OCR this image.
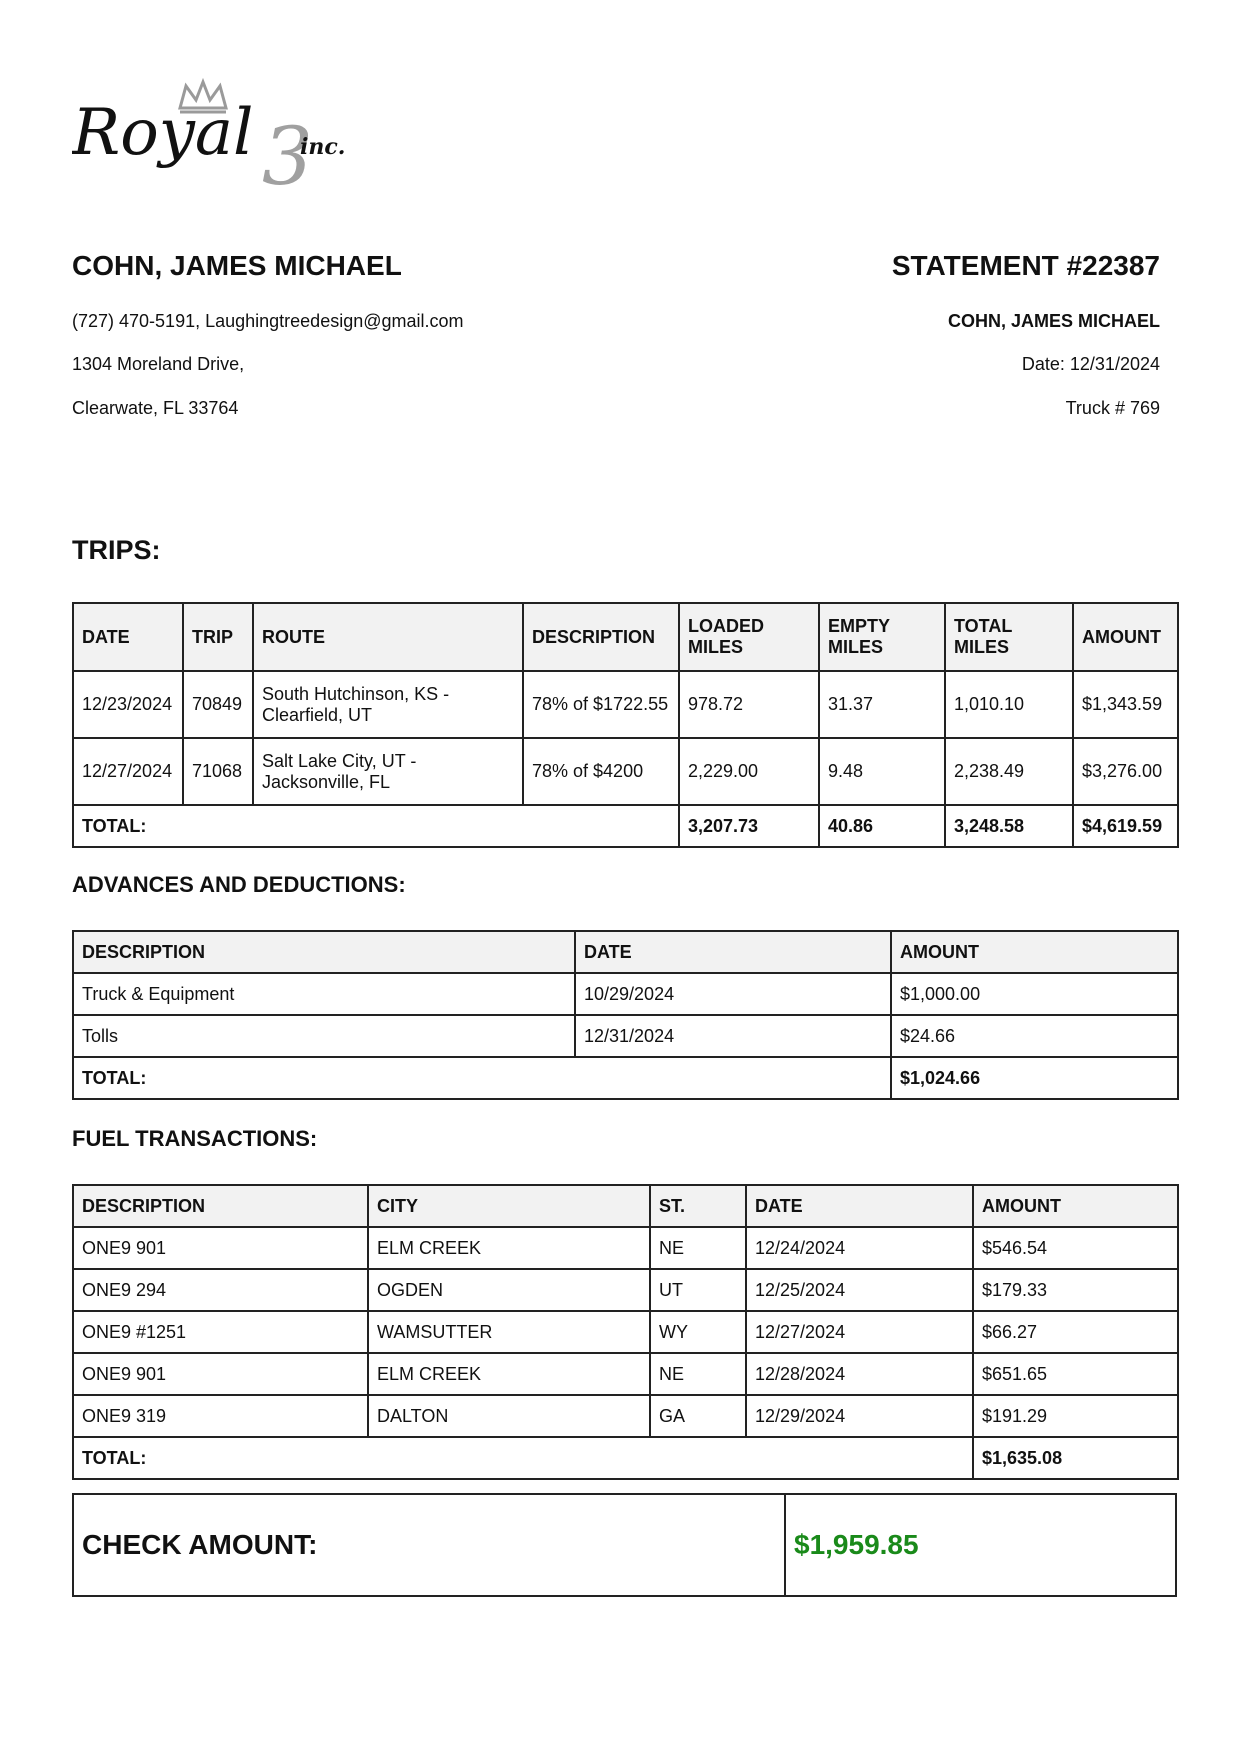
Royal 3
inc.
COHN, JAMES MICHAEL
(727) 470-5191, Laughingtreedesign@gmail.com
1304 Moreland Drive,
Clearwate, FL 33764
STATEMENT #22387
COHN, JAMES MICHAEL
Date: 12/31/2024
Truck # 769
TRIPS:
DATE	TRIP	ROUTE	DESCRIPTION	LOADED MILES	EMPTY MILES	TOTAL MILES	AMOUNT
12/23/2024	70849	South Hutchinson, KS - Clearfield, UT	78% of $1722.55	978.72	31.37	1,010.10	$1,343.59
12/27/2024	71068	Salt Lake City, UT - Jacksonville, FL	78% of $4200	2,229.00	9.48	2,238.49	$3,276.00
TOTAL:				3,207.73	40.86	3,248.58	$4,619.59
ADVANCES AND DEDUCTIONS:
DESCRIPTION	DATE	AMOUNT
Truck & Equipment	10/29/2024	$1,000.00
Tolls	12/31/2024	$24.66
TOTAL:		$1,024.66
FUEL TRANSACTIONS:
DESCRIPTION	CITY	ST.	DATE	AMOUNT
ONE9 901	ELM CREEK	NE	12/24/2024	$546.54
ONE9 294	OGDEN	UT	12/25/2024	$179.33
ONE9 #1251	WAMSUTTER	WY	12/27/2024	$66.27
ONE9 901	ELM CREEK	NE	12/28/2024	$651.65
ONE9 319	DALTON	GA	12/29/2024	$191.29
TOTAL:				$1,635.08
CHECK AMOUNT:	$1,959.85
